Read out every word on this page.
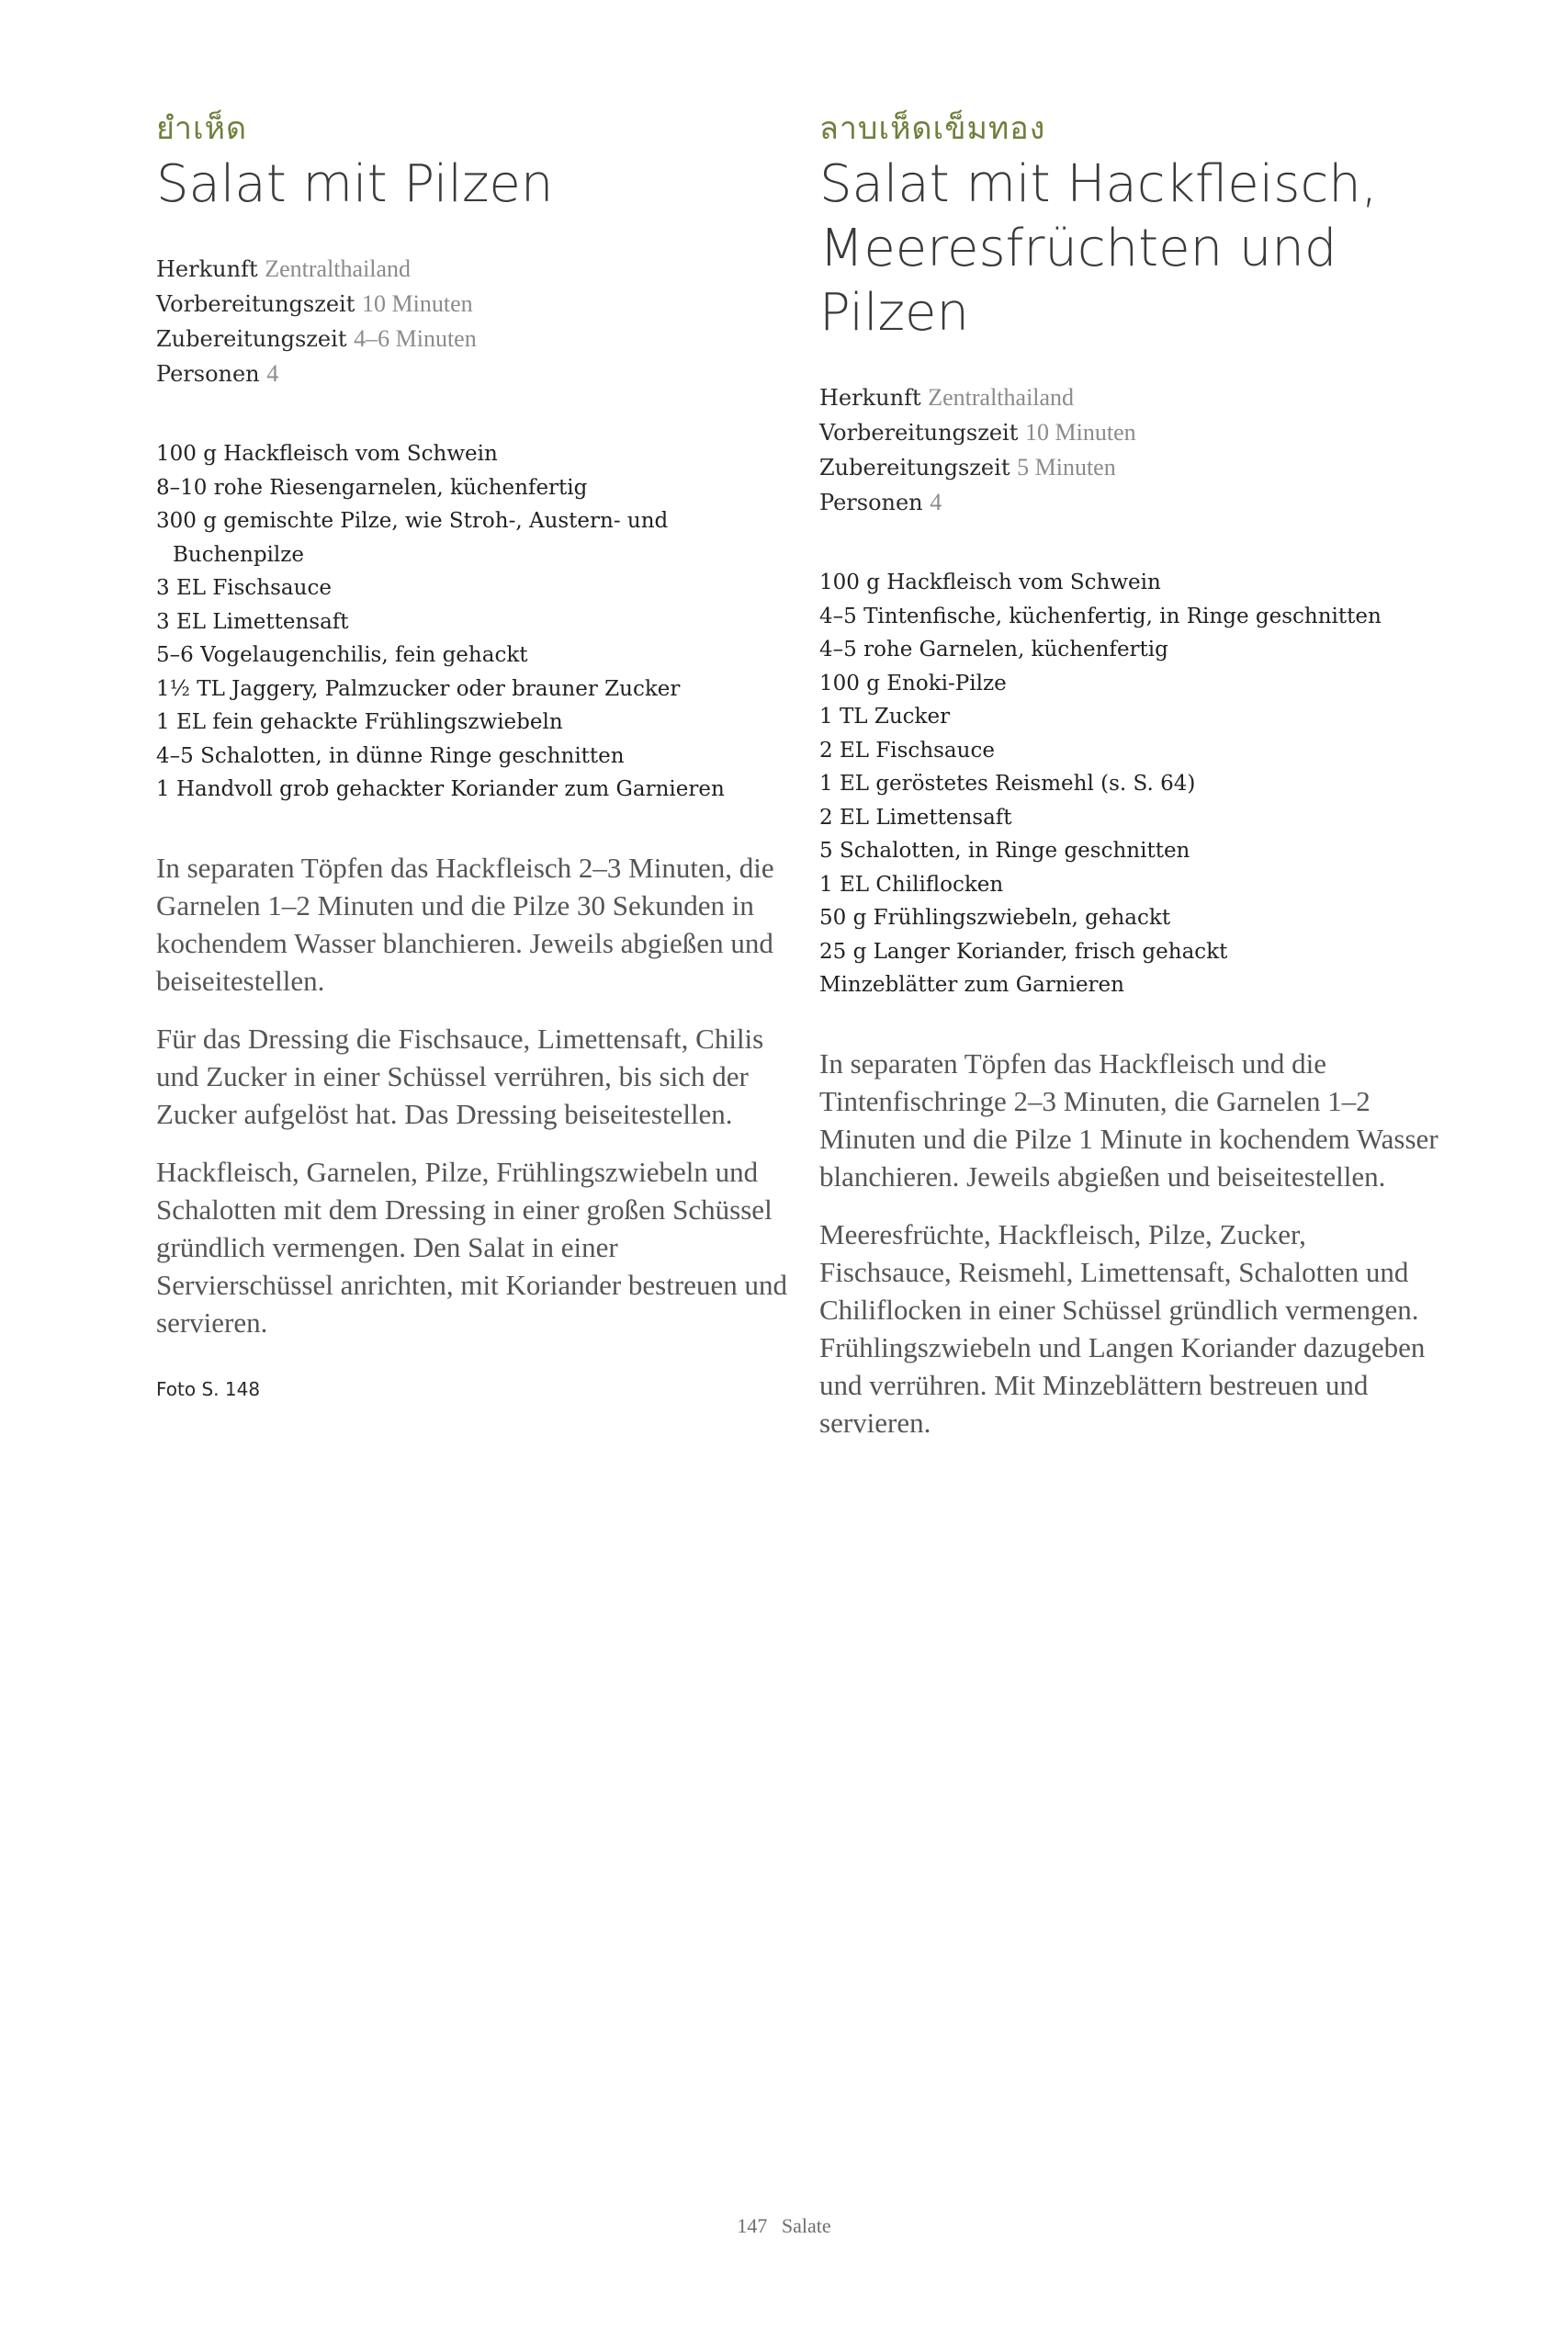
ยำเห็ด
Salat mit Pilzen

Herkunft Zentralthailand

Vorbereitungszeit 10 Minuten

Zubereitungszeit 4–6 Minuten

Personen 4

100 g Hackfleisch vom Schwein
8–10 rohe Riesengarnelen, küchenfertig
300 g gemischte Pilze, wie Stroh-, Austern- und Buchenpilze
3 EL Fischsauce
3 EL Limettensaft
5–6 Vogelaugenchilis, fein gehackt
1½ TL Jaggery, Palmzucker oder brauner Zucker
1 EL fein gehackte Frühlingszwiebeln
4–5 Schalotten, in dünne Ringe geschnitten
1 Handvoll grob gehackter Koriander zum Garnieren

In separaten Töpfen das Hackfleisch 2–3 Minuten, die Garnelen 1–2 Minuten und die Pilze 30 Sekunden in kochendem Wasser blanchieren. Jeweils abgießen und beiseitestellen.

Für das Dressing die Fischsauce, Limettensaft, Chilis und Zucker in einer Schüssel verrühren, bis sich der Zucker aufgelöst hat. Das Dressing beiseitestellen.

Hackfleisch, Garnelen, Pilze, Frühlingszwiebeln und Schalotten mit dem Dressing in einer großen Schüssel gründlich vermengen. Den Salat in einer Servierschüssel anrichten, mit Koriander bestreuen und servieren.

Foto S. 148
ลาบเห็ดเข็มทอง
Salat mit Hackfleisch, Meeresfrüchten und Pilzen

Herkunft Zentralthailand

Vorbereitungszeit 10 Minuten

Zubereitungszeit 5 Minuten

Personen 4

100 g Hackfleisch vom Schwein
4–5 Tintenfische, küchenfertig, in Ringe geschnitten
4–5 rohe Garnelen, küchenfertig
100 g Enoki-Pilze
1 TL Zucker
2 EL Fischsauce
1 EL geröstetes Reismehl (s. S. 64)
2 EL Limettensaft
5 Schalotten, in Ringe geschnitten
1 EL Chiliflocken
50 g Frühlingszwiebeln, gehackt
25 g Langer Koriander, frisch gehackt
Minzeblätter zum Garnieren

In separaten Töpfen das Hackfleisch und die Tintenfischringe 2–3 Minuten, die Garnelen 1–2 Minuten und die Pilze 1 Minute in kochendem Wasser blanchieren. Jeweils abgießen und beiseitestellen.

Meeresfrüchte, Hackfleisch, Pilze, Zucker, Fischsauce, Reismehl, Limettensaft, Schalotten und Chiliflocken in einer Schüssel gründlich vermengen. Frühlingszwiebeln und Langen Koriander dazugeben und verrühren. Mit Minzeblättern bestreuen und servieren.

147 Salate
